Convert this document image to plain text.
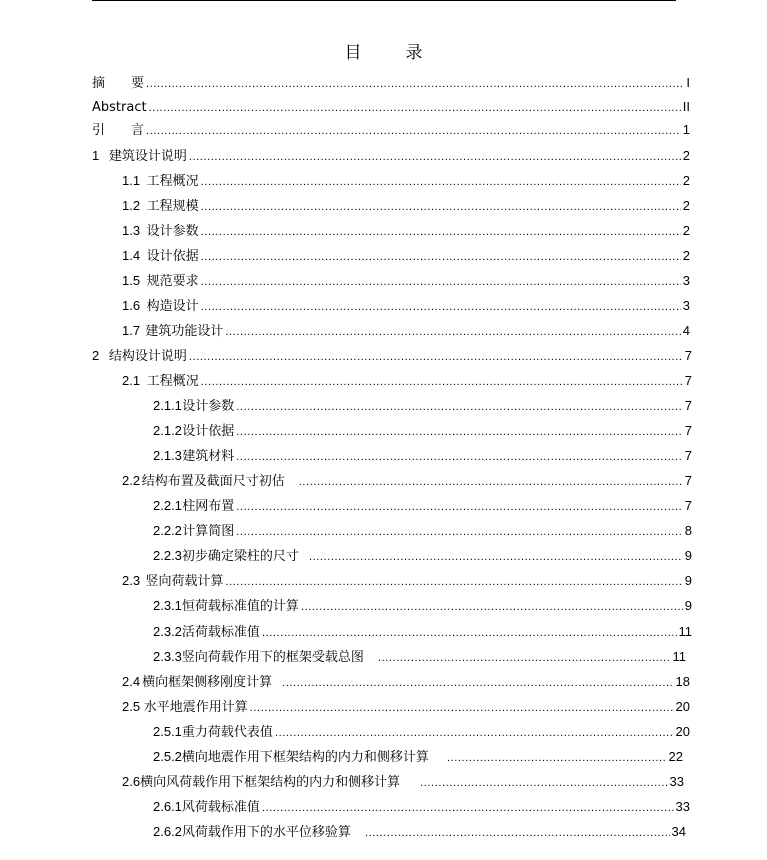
目	录
摘　　要 .....	I
Abstract .....	II
引　　言 .....	1
1 建筑设计说明 .....	2
1.1 工程概况 .....	2
1.2 工程规模 .....	2
1.3 设计参数 .....	2
1.4 设计依据 .....	2
1.5 规范要求 .....	3
1.6 构造设计 .....	3
1.7 建筑功能设计 .....	4
2 结构设计说明 .....	7
2.1 工程概况 .....	7
2.1.1 设计参数 .....	7
2.1.2 设计依据 .....	7
2.1.3 建筑材料 .....	7
2.2 结构布置及截面尺寸初估 .....	7
2.2.1 柱网布置 .....	7
2.2.2 计算简图 .....	8
2.2.3 初步确定梁柱的尺寸 .....	9
2.3 竖向荷载计算 .....	9
2.3.1 恒荷载标准值的计算 .....	9
2.3.2 活荷载标准值 .....	11
2.3.3 竖向荷载作用下的框架受载总图 .....	11
2.4 横向框架侧移刚度计算 .....	18
2.5 水平地震作用计算 .....	20
2.5.1 重力荷载代表值 .....	20
2.5.2 横向地震作用下框架结构的内力和侧移计算 .....	22
2.6 横向风荷载作用下框架结构的内力和侧移计算 .....	33
2.6.1 风荷载标准值 .....	33
2.6.2 风荷载作用下的水平位移验算 .....	34
